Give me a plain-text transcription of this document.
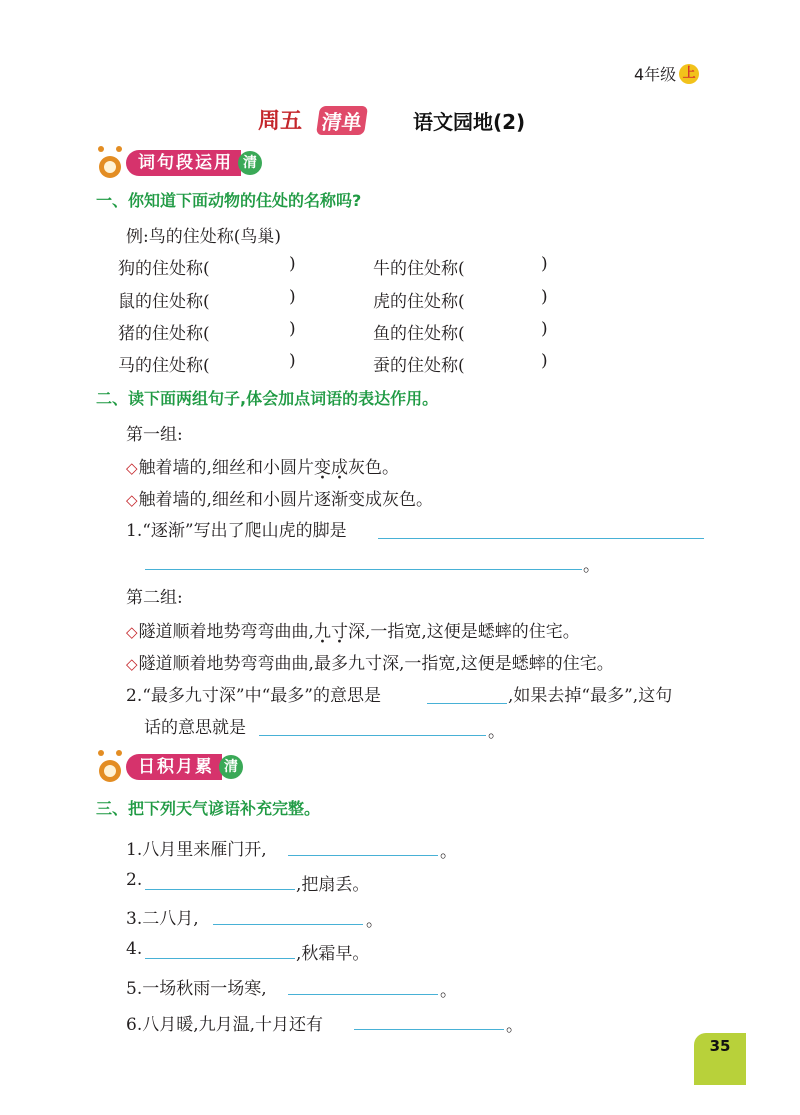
4年级 上
周五 清单 语文园地(2)
词句段运用 清
一、你知道下面动物的住处的名称吗?
例:鸟的住处称(鸟巢)
狗的住处称(	)	牛的住处称(	)
鼠的住处称(	)	虎的住处称(	)
猪的住处称(	)	鱼的住处称(	)
马的住处称(	)	蚕的住处称(	)
二、读下面两组句子,体会加点词语的表达作用。
第一组:
◇触着墙的,细丝和小圆片变成灰色。
◇触着墙的,细丝和小圆片逐渐变成灰色。
1.“逐渐”写出了爬山虎的脚是
。
第二组:
◇隧道顺着地势弯弯曲曲,九寸深,一指宽,这便是蟋蟀的住宅。
◇隧道顺着地势弯弯曲曲,最多九寸深,一指宽,这便是蟋蟀的住宅。
2.“最多九寸深”中“最多”的意思是	,如果去掉“最多”,这句
话的意思就是	。
日积月累 清
三、把下列天气谚语补充完整。
1.八月里来雁门开,	。
2.	,把扇丢。
3.二八月,	。
4.	,秋霜早。
5.一场秋雨一场寒,	。
6.八月暖,九月温,十月还有	。
35
